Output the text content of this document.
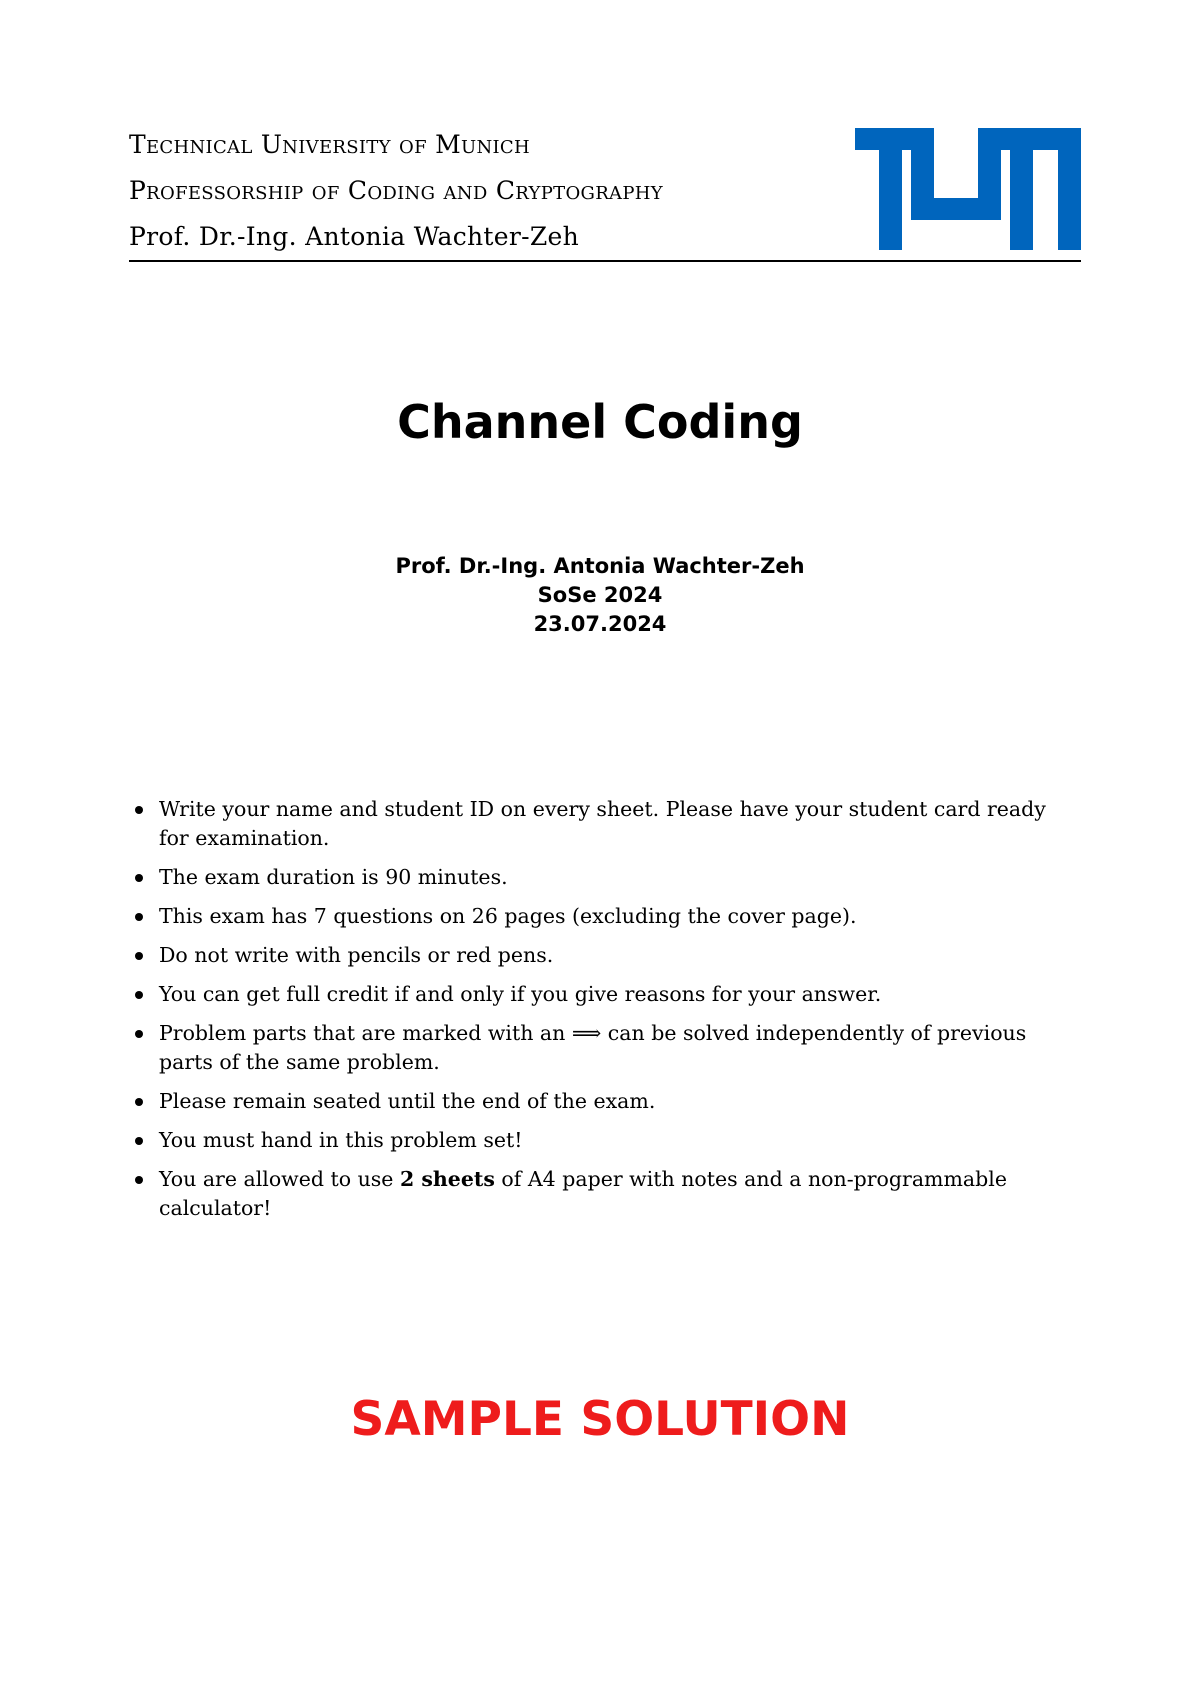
Technical University of Munich
Professorship of Coding and Cryptography
Prof. Dr.-Ing. Antonia Wachter-Zeh
Channel Coding
Prof. Dr.-Ing. Antonia Wachter-Zeh
SoSe 2024
23.07.2024
Write your name and student ID on every sheet. Please have your student card ready for examination.
The exam duration is 90 minutes.
This exam has 7 questions on 26 pages (excluding the cover page).
Do not write with pencils or red pens.
You can get full credit if and only if you give reasons for your answer.
Problem parts that are marked with an ⟹ can be solved independently of previous parts of the same problem.
Please remain seated until the end of the exam.
You must hand in this problem set!
You are allowed to use 2 sheets of A4 paper with notes and a non-programmable calculator!
SAMPLE SOLUTION
